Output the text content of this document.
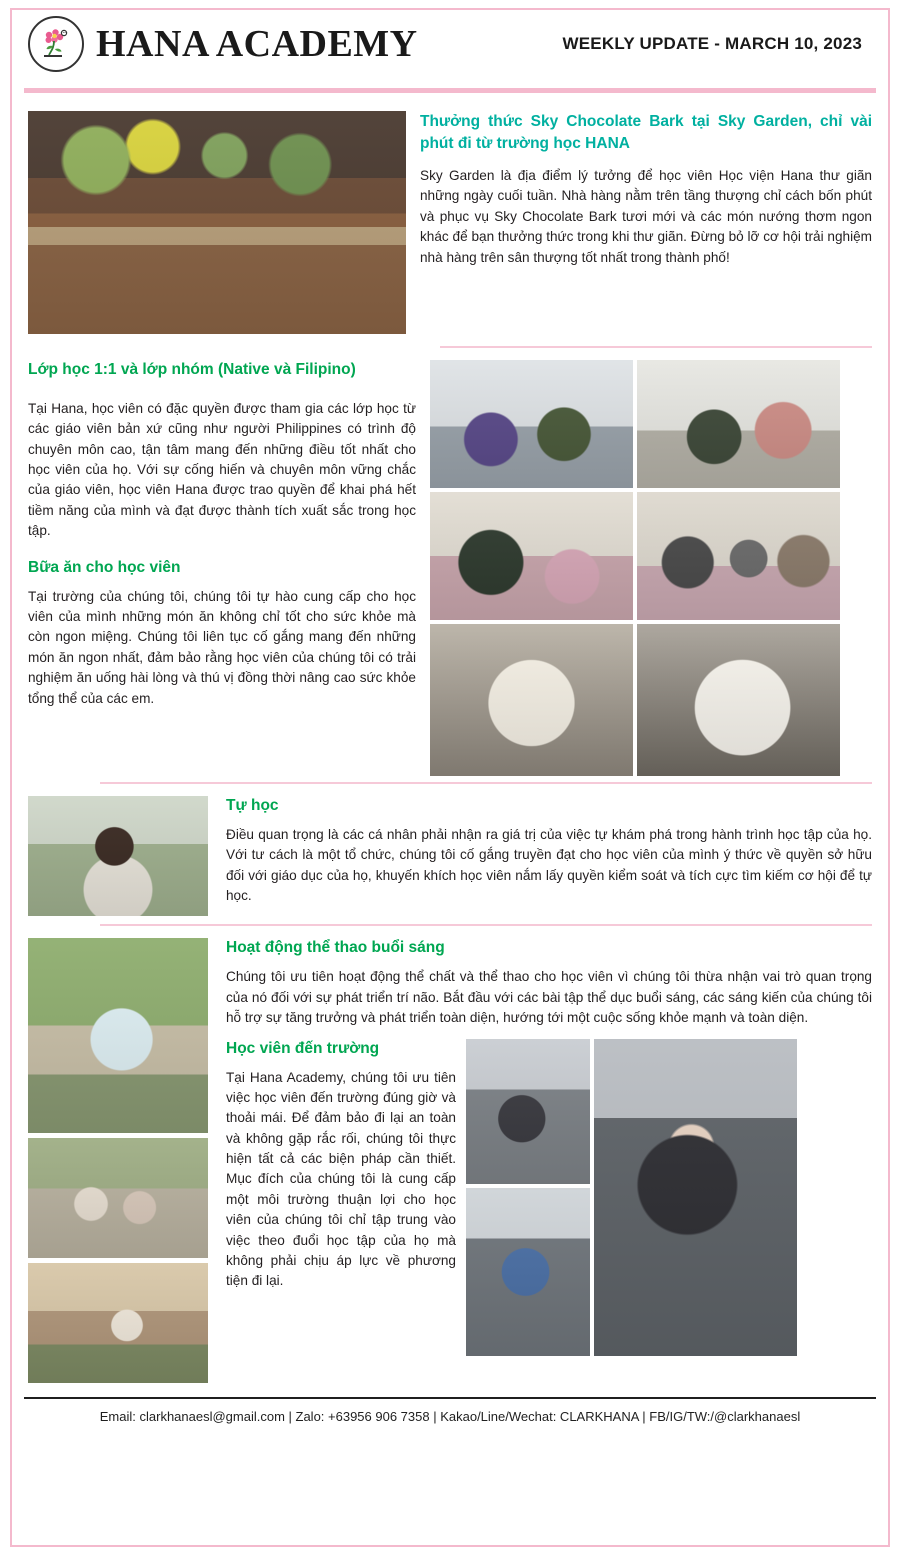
HANA ACADEMY	WEEKLY UPDATE - MARCH 10, 2023
Thưởng thức Sky Chocolate Bark tại Sky Garden, chỉ vài phút đi từ trường học HANA

Sky Garden là địa điểm lý tưởng để học viên Học viện Hana thư giãn những ngày cuối tuần. Nhà hàng nằm trên tầng thượng chỉ cách bốn phút và phục vụ Sky Chocolate Bark tươi mới và các món nướng thơm ngon khác để bạn thưởng thức trong khi thư giãn. Đừng bỏ lỡ cơ hội trải nghiệm nhà hàng trên sân thượng tốt nhất trong thành phố!

Lớp học 1:1 và lớp nhóm (Native và Filipino)

Tại Hana, học viên có đặc quyền được tham gia các lớp học từ các giáo viên bản xứ cũng như người Philippines có trình độ chuyên môn cao, tận tâm mang đến những điều tốt nhất cho học viên của họ. Với sự cống hiến và chuyên môn vững chắc của giáo viên, học viên Hana được trao quyền để khai phá hết tiềm năng của mình và đạt được thành tích xuất sắc trong học tập.

Bữa ăn cho học viên

Tại trường của chúng tôi, chúng tôi tự hào cung cấp cho học viên của mình những món ăn không chỉ tốt cho sức khỏe mà còn ngon miệng. Chúng tôi liên tục cố gắng mang đến những món ăn ngon nhất, đảm bảo rằng học viên của chúng tôi có trải nghiệm ăn uống hài lòng và thú vị đồng thời nâng cao sức khỏe tổng thể của các em.

Tự học

Điều quan trọng là các cá nhân phải nhận ra giá trị của việc tự khám phá trong hành trình học tập của họ. Với tư cách là một tổ chức, chúng tôi cố gắng truyền đạt cho học viên của mình ý thức về quyền sở hữu đối với giáo dục của họ, khuyến khích học viên nắm lấy quyền kiểm soát và tích cực tìm kiếm cơ hội để tự học.

Hoạt động thể thao buổi sáng

Chúng tôi ưu tiên hoạt động thể chất và thể thao cho học viên vì chúng tôi thừa nhận vai trò quan trọng của nó đối với sự phát triển trí não. Bắt đầu với các bài tập thể dục buổi sáng, các sáng kiến của chúng tôi hỗ trợ sự tăng trưởng và phát triển toàn diện, hướng tới một cuộc sống khỏe mạnh và toàn diện.

Học viên đến trường

Tại Hana Academy, chúng tôi ưu tiên việc học viên đến trường đúng giờ và thoải mái. Để đảm bảo đi lại an toàn và không gặp rắc rối, chúng tôi thực hiện tất cả các biện pháp cần thiết. Mục đích của chúng tôi là cung cấp một môi trường thuận lợi cho học viên của chúng tôi chỉ tập trung vào việc theo đuổi học tập của họ mà không phải chịu áp lực về phương tiện đi lại.

Email: clarkhanaesl@gmail.com | Zalo: +63956 906 7358 | Kakao/Line/Wechat: CLARKHANA | FB/IG/TW:/@clarkhanaesl
